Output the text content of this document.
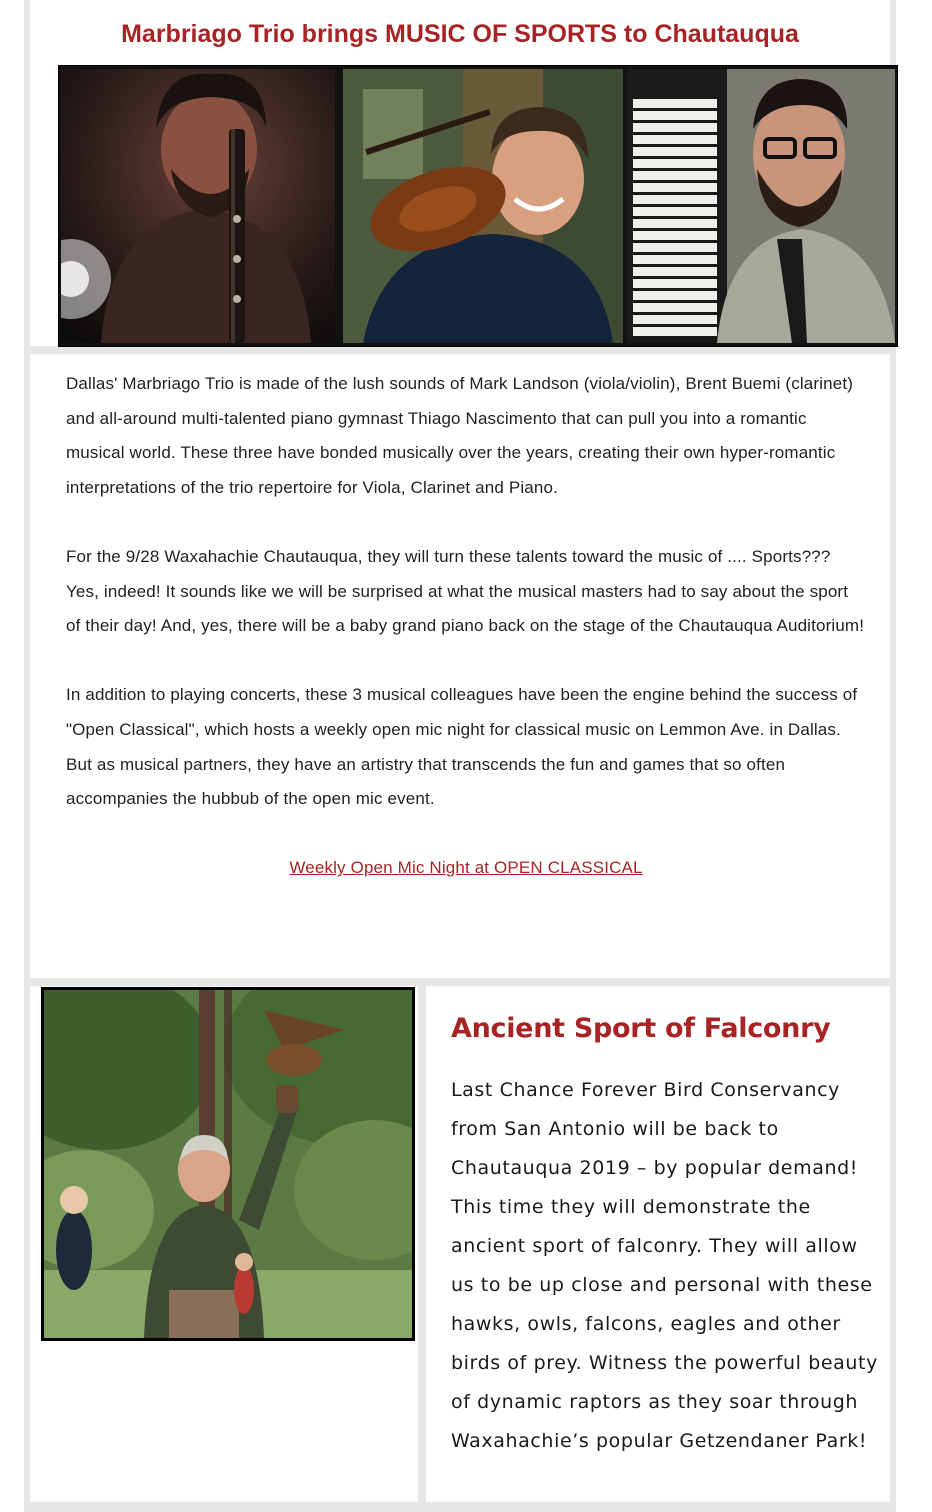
Marbriago Trio brings MUSIC OF SPORTS to Chautauqua

Dallas' Marbriago Trio is made of the lush sounds of Mark Landson (viola/violin), Brent Buemi (clarinet) and all-around multi-talented piano gymnast Thiago Nascimento that can pull you into a romantic musical world. These three have bonded musically over the years, creating their own hyper-romantic interpretations of the trio repertoire for Viola, Clarinet and Piano.

For the 9/28 Waxahachie Chautauqua, they will turn these talents toward the music of .... Sports??? Yes, indeed! It sounds like we will be surprised at what the musical masters had to say about the sport of their day! And, yes, there will be a baby grand piano back on the stage of the Chautauqua Auditorium!

In addition to playing concerts, these 3 musical colleagues have been the engine behind the success of "Open Classical", which hosts a weekly open mic night for classical music on Lemmon Ave. in Dallas. But as musical partners, they have an artistry that transcends the fun and games that so often accompanies the hubbub of the open mic event.

Weekly Open Mic Night at OPEN CLASSICAL

Ancient Sport of Falconry

Last Chance Forever Bird Conservancy from San Antonio will be back to Chautauqua 2019 – by popular demand! This time they will demonstrate the ancient sport of falconry. They will allow us to be up close and personal with these hawks, owls, falcons, eagles and other birds of prey. Witness the powerful beauty of dynamic raptors as they soar through Waxahachie’s popular Getzendaner Park!
